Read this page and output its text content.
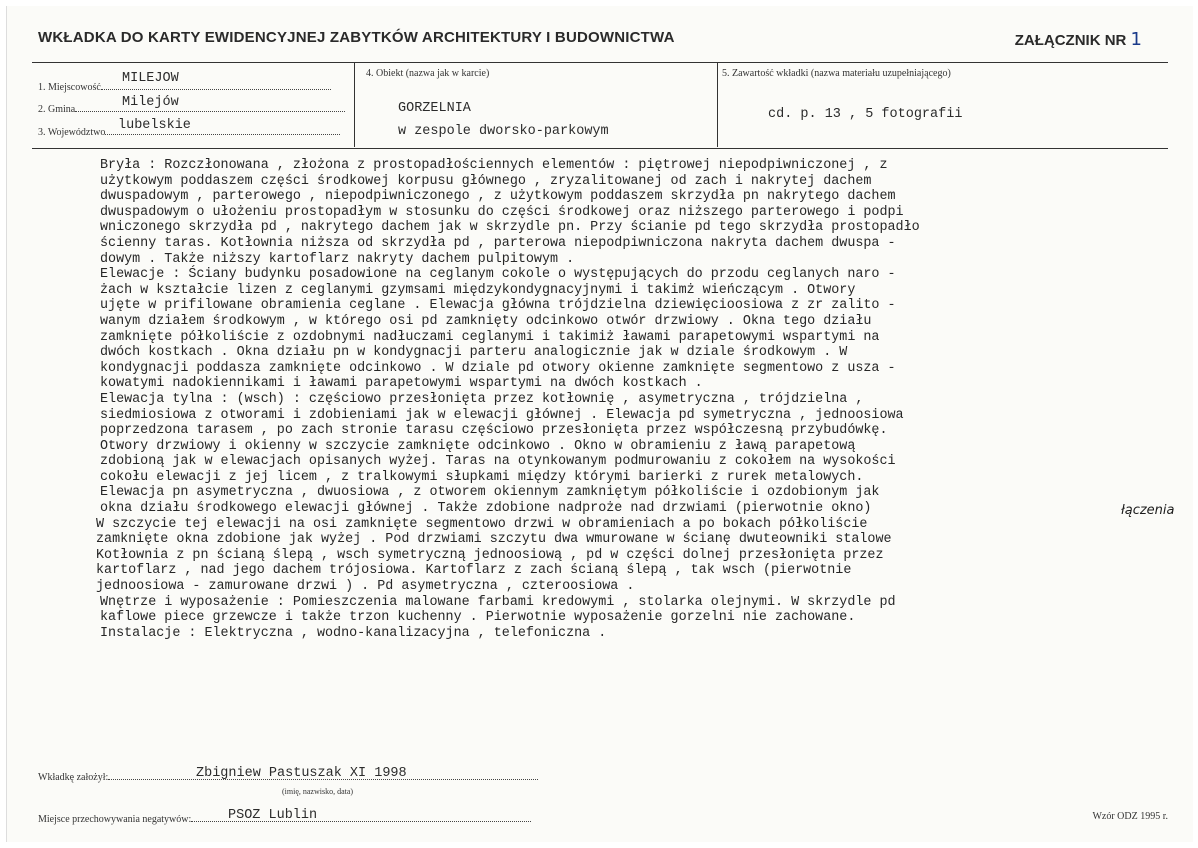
WKŁADKA DO KARTY EWIDENCYJNEJ ZABYTKÓW ARCHITEKTURY I BUDOWNICTWA	ZAŁĄCZNIK NR 1
1. Miejscowość
MILEJOW
2. Gmina	Milejów
3. Województwo lubelskie
4. Obiekt (nazwa jak w karcie)
GORZELNIA
w zespole dworsko-parkowym
5. Zawartość wkładki (nazwa materiału uzupełniającego)
cd. p. 13 , 5 fotografii
Bryła : Rozczłonowana , złożona z prostopadłościennych elementów : piętrowej niepodpiwniczonej , z
użytkowym poddaszem części środkowej korpusu głównego , zryzalitowanej od zach i nakrytej dachem
dwuspadowym , parterowego , niepodpiwniczonego , z użytkowym poddaszem skrzydła pn nakrytego dachem
dwuspadowym o ułożeniu prostopadłym w stosunku do części środkowej oraz niższego parterowego i podpi
wniczonego skrzydła pd , nakrytego dachem jak w skrzydle pn. Przy ścianie pd tego skrzydła prostopadło
ścienny taras. Kotłownia niższa od skrzydła pd , parterowa niepodpiwniczona nakryta dachem dwuspa -
dowym . Także niższy kartoflarz nakryty dachem pulpitowym .
Elewacje : Ściany budynku posadowione na ceglanym cokole o występujących do przodu ceglanych naro -
żach w kształcie lizen z ceglanymi gzymsami międzykondygnacyjnymi i takimż wieńczącym . Otwory
ujęte w prifilowane obramienia ceglane . Elewacja główna trójdzielna dziewięcioosiowa z zr zalito -
wanym działem środkowym , w którego osi pd zamknięty odcinkowo otwór drzwiowy . Okna tego działu
zamknięte półkoliście z ozdobnymi nadłuczami ceglanymi i takimiż ławami parapetowymi wspartymi na
dwóch kostkach . Okna działu pn w kondygnacji parteru analogicznie jak w dziale środkowym . W
kondygnacji poddasza zamknięte odcinkowo . W dziale pd otwory okienne zamknięte segmentowo z usza -
kowatymi nadokiennikami i ławami parapetowymi wspartymi na dwóch kostkach .
Elewacja tylna : (wsch) : częściowo przesłonięta przez kotłownię , asymetryczna , trójdzielna ,
siedmiosiowa z otworami i zdobieniami jak w elewacji głównej . Elewacja pd symetryczna , jednoosiowa
poprzedzona tarasem , po zach stronie tarasu częściowo przesłonięta przez współczesną przybudówkę.
Otwory drzwiowy i okienny w szczycie zamknięte odcinkowo . Okno w obramieniu z ławą parapetową
zdobioną jak w elewacjach opisanych wyżej. Taras na otynkowanym podmurowaniu z cokołem na wysokości
cokołu elewacji z jej licem , z tralkowymi słupkami między którymi barierki z rurek metalowych.
Elewacja pn asymetryczna , dwuosiowa , z otworem okiennym zamkniętym półkoliście i ozdobionym jak
okna działu środkowego elewacji głównej . Także zdobione nadproże nad drzwiami (pierwotnie okno)
W szczycie tej elewacji na osi zamknięte segmentowo drzwi w obramieniach a po bokach półkoliście
zamknięte okna zdobione jak wyżej . Pod drzwiami szczytu dwa wmurowane w ścianę dwuteowniki stalowe
Kotłownia z pn ścianą ślepą , wsch symetryczną jednoosiową , pd w części dolnej przesłonięta przez
kartoflarz , nad jego dachem trójosiowa. Kartoflarz z zach ścianą ślepą , tak wsch (pierwotnie
jednoosiowa - zamurowane drzwi ) . Pd asymetryczna , czteroosiowa .
Wnętrze i wyposażenie : Pomieszczenia malowane farbami kredowymi , stolarka olejnymi. W skrzydle pd
kaflowe piece grzewcze i także trzon kuchenny . Pierwotnie wyposażenie gorzelni nie zachowane.
Instalacje : Elektryczna , wodno-kanalizacyjna , telefoniczna .
łączenia
Wkładkę założył:	Zbigniew Pastuszak XI 1998
(imię, nazwisko, data)
Miejsce przechowywania negatywów:	PSOZ Lublin	Wzór ODZ 1995 r.
